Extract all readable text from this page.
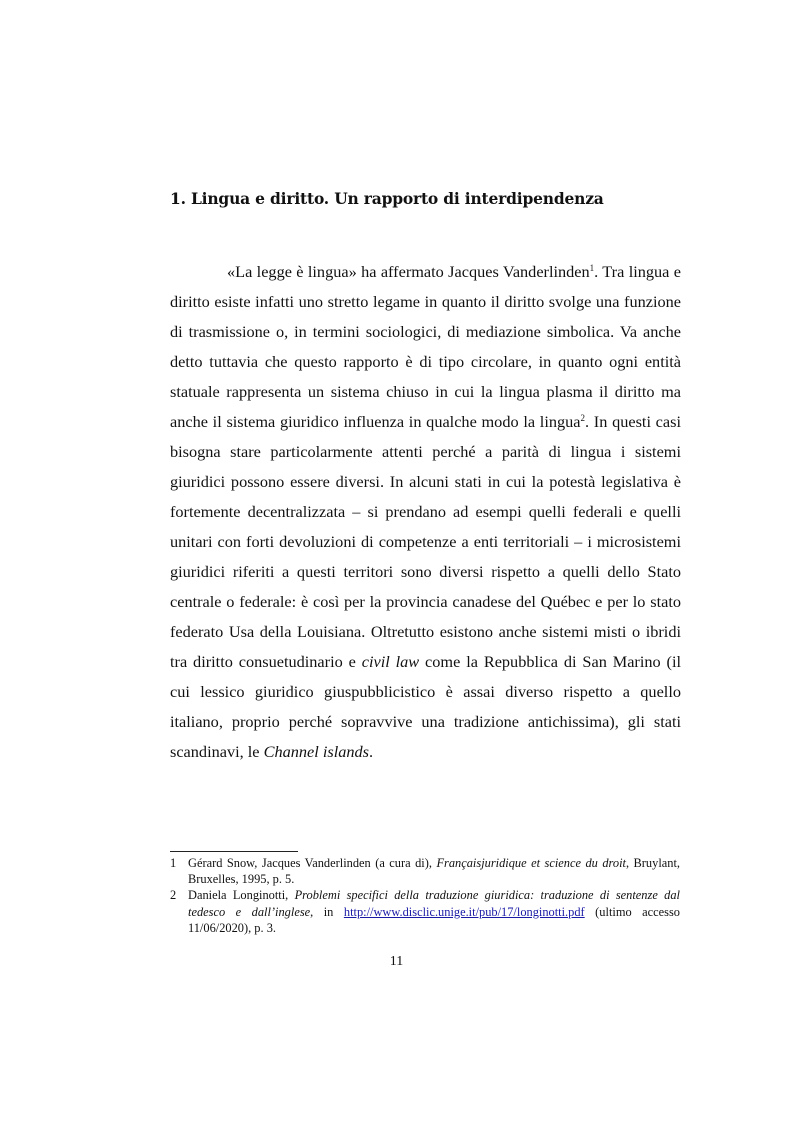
1. Lingua e diritto. Un rapporto di interdipendenza

«La legge è lingua» ha affermato Jacques Vanderlinden$^1$. Tra lingua e diritto esiste infatti uno stretto legame in quanto il diritto svolge una funzione di trasmissione o, in termini sociologici, di mediazione simbolica. Va anche detto tuttavia che questo rapporto è di tipo circolare, in quanto ogni entità statuale rappresenta un sistema chiuso in cui la lingua plasma il diritto ma anche il sistema giuridico influenza in qualche modo la lingua$^2$. In questi casi bisogna stare particolarmente attenti perché a parità di lingua i sistemi giuridici possono essere diversi. In alcuni stati in cui la potestà legislativa è fortemente decentralizzata – si prendano ad esempi quelli federali e quelli unitari con forti devoluzioni di competenze a enti territoriali – i microsistemi giuridici riferiti a questi territori sono diversi rispetto a quelli dello Stato centrale o federale: è così per la provincia canadese del Québec e per lo stato federato Usa della Louisiana. Oltretutto esistono anche sistemi misti o ibridi tra diritto consuetudinario e civil law come la Repubblica di San Marino (il cui lessico giuridico giuspubblicistico è assai diverso rispetto a quello italiano, proprio perché sopravvive una tradizione antichissima), gli stati scandinavi, le Channel islands.

1 Gérard Snow, Jacques Vanderlinden (a cura di), Françaisjuridique et science du droit, Bruylant, Bruxelles, 1995, p. 5.

2 Daniela Longinotti, Problemi specifici della traduzione giuridica: traduzione di sentenze dal tedesco e dall’inglese, in http://www.disclic.unige.it/pub/17/longinotti.pdf (ultimo accesso 11/06/2020), p. 3.

11
